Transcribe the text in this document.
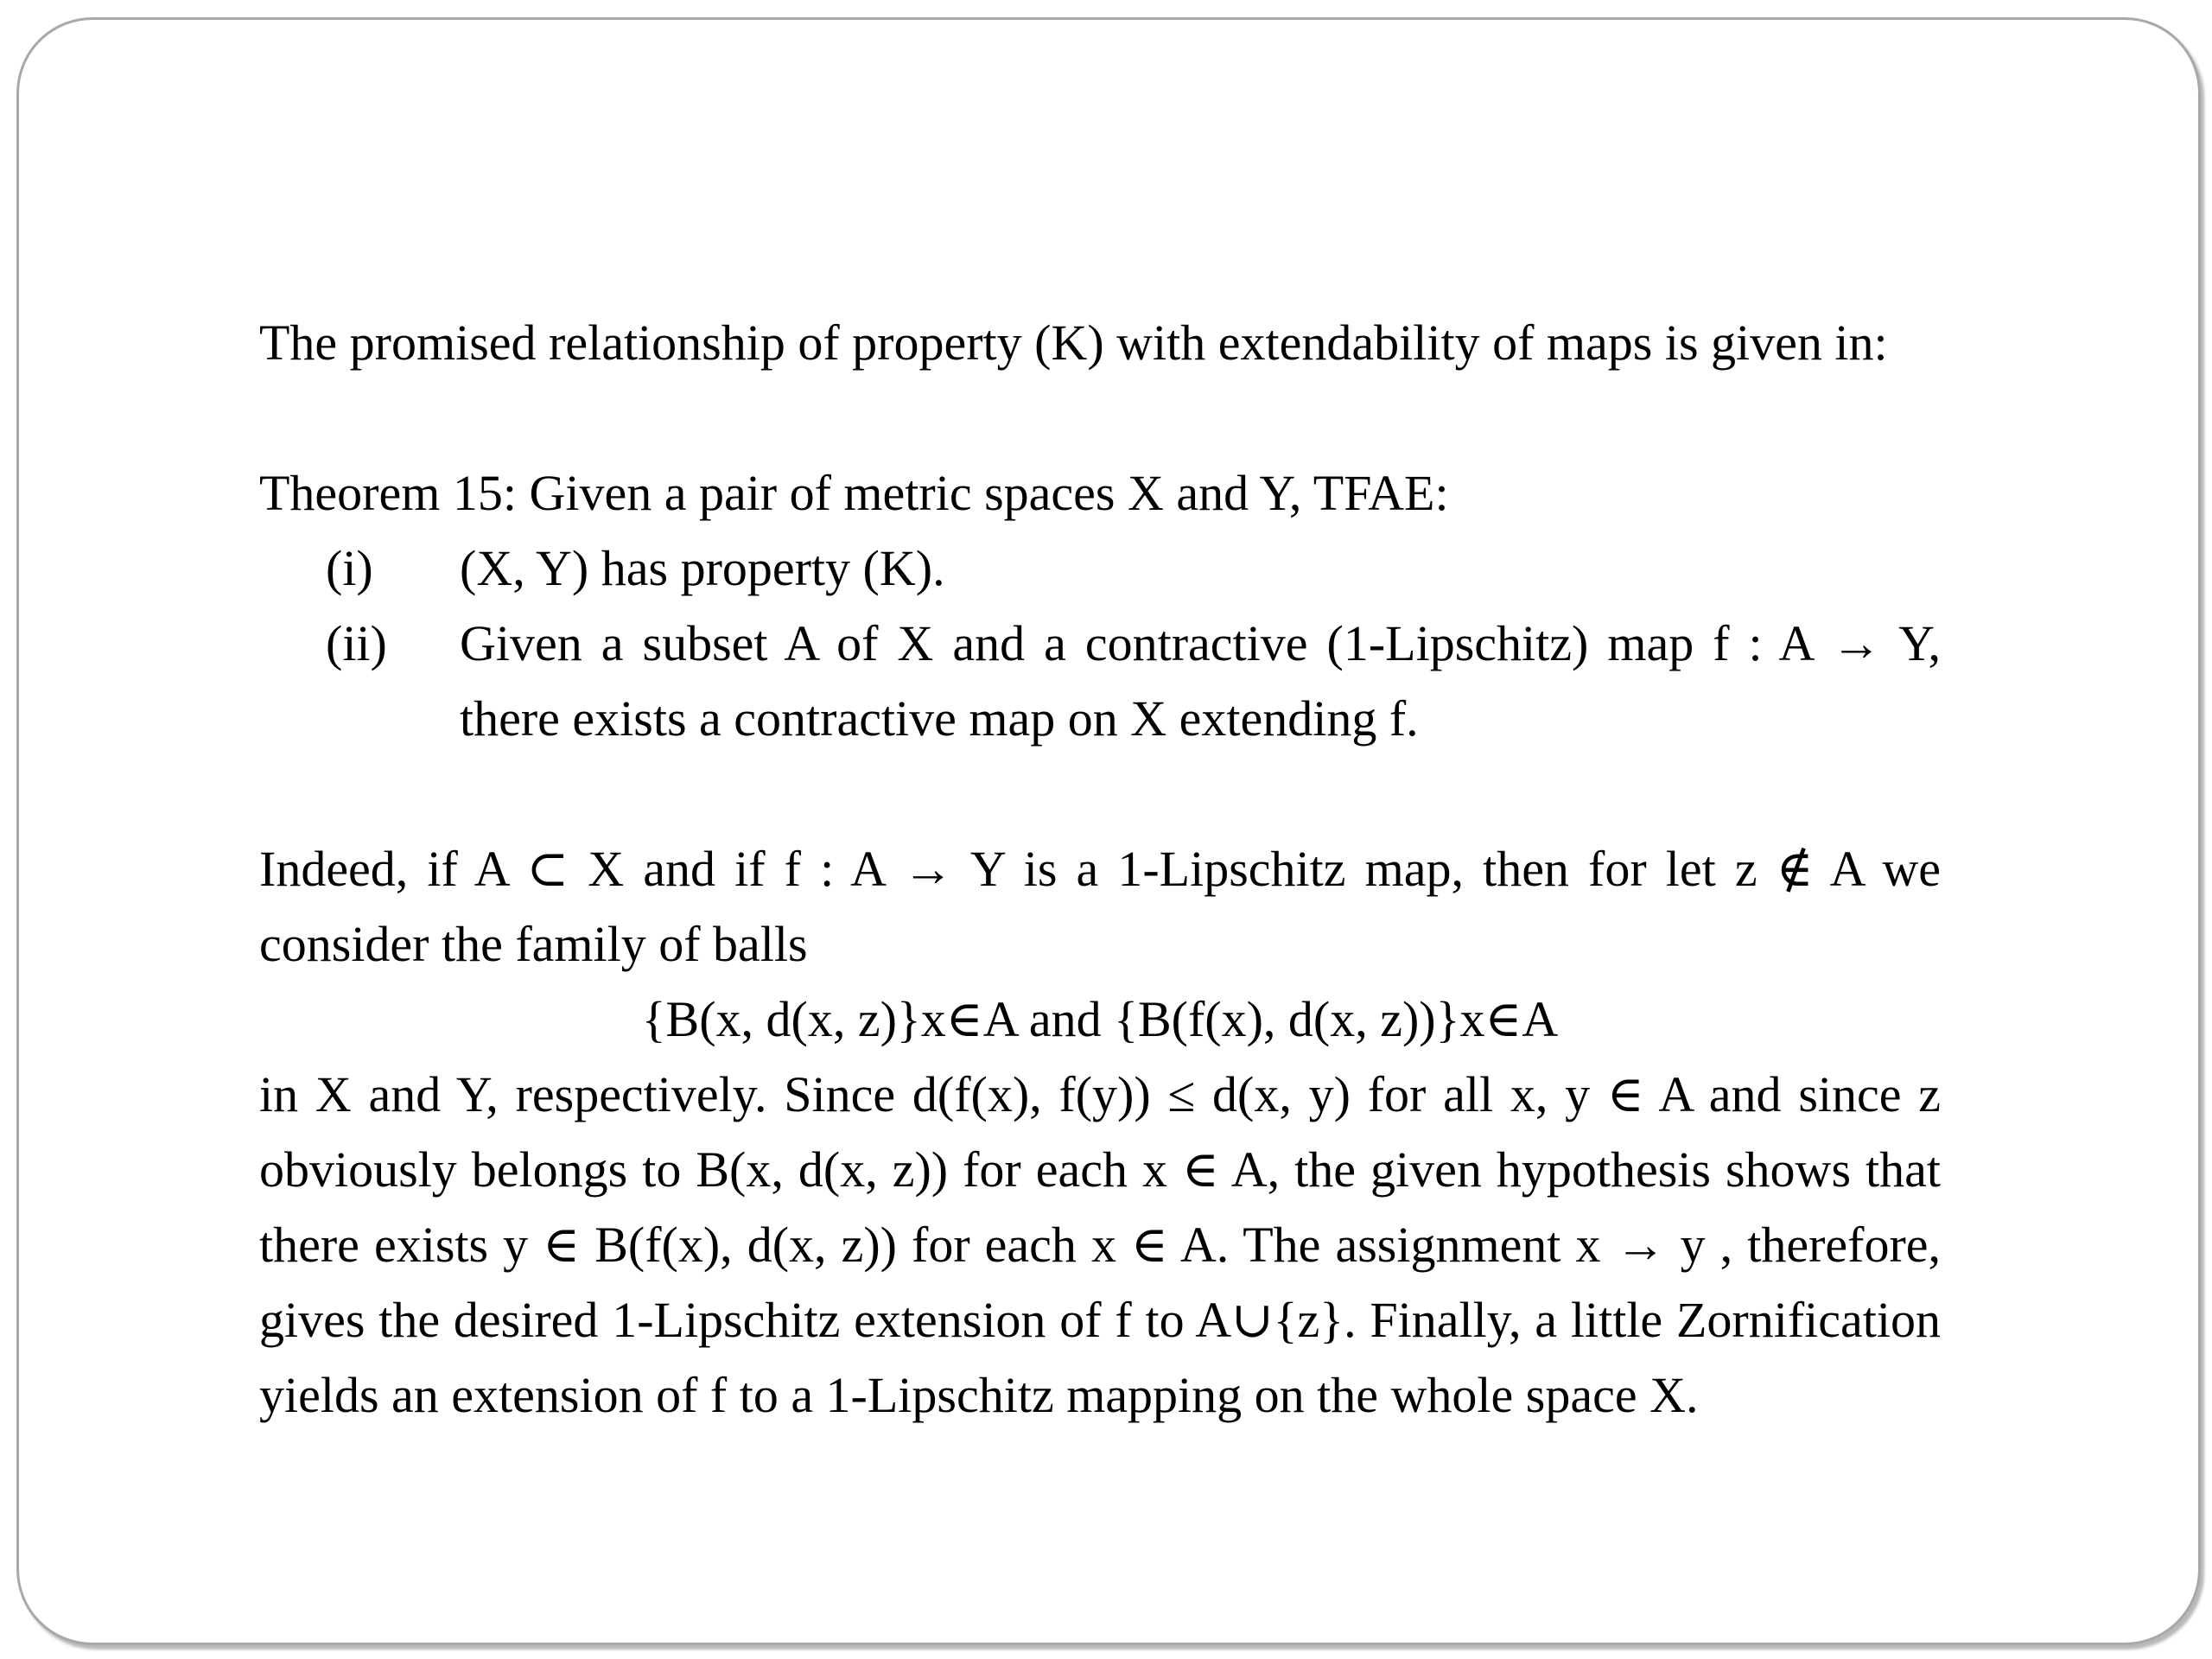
The promised relationship of property (K) with extendability of maps is given in:

Theorem 15: Given a pair of metric spaces X and Y, TFAE:

(i) (X, Y) has property (K).
(ii) Given a subset A of X and a contractive (1-Lipschitz) map f : A → Y, there exists a contractive map on X extending f.

Indeed, if A ⊂ X and if f : A → Y is a 1-Lipschitz map, then for let z ∉ A we consider the family of balls

{B(x, d(x, z)}x∈A and {B(f(x), d(x, z))}x∈A

in X and Y, respectively. Since d(f(x), f(y)) ≤ d(x, y) for all x, y ∈ A and since z obviously belongs to B(x, d(x, z)) for each x ∈ A, the given hypothesis shows that there exists y ∈ B(f(x), d(x, z)) for each x ∈ A. The assignment x → y , therefore, gives the desired 1-Lipschitz extension of f to A∪{z}. Finally, a little Zornification yields an extension of f to a 1-Lipschitz mapping on the whole space X.
